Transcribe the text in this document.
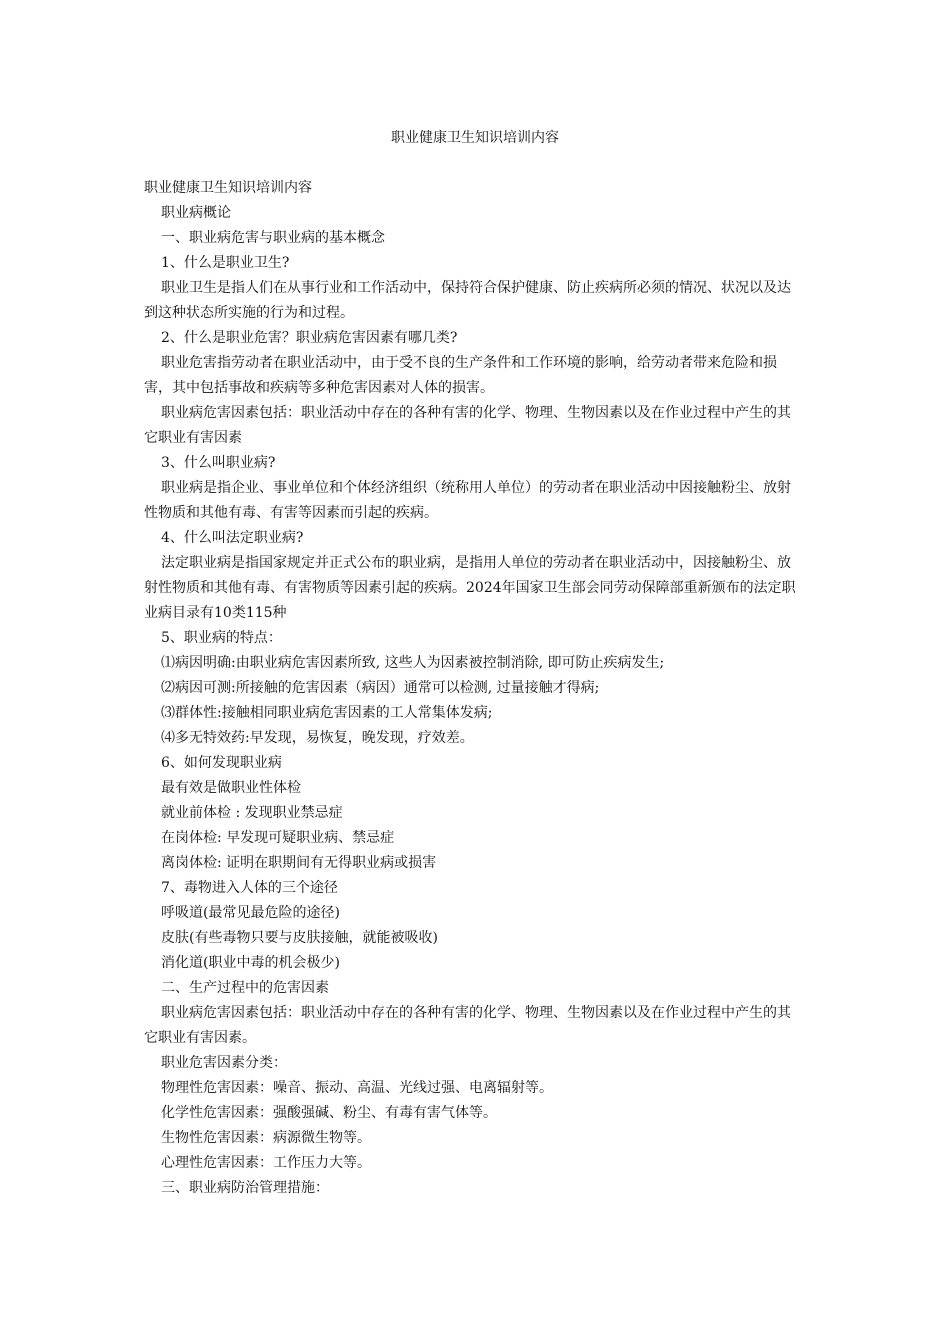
职业健康卫生知识培训内容

职业健康卫生知识培训内容

职业病概论

一、职业病危害与职业病的基本概念

1、什么是职业卫生?

职业卫生是指人们在从事行业和工作活动中，保持符合保护健康、防止疾病所必须的情况、状况以及达到这种状态所实施的行为和过程。

2、什么是职业危害？职业病危害因素有哪几类?

职业危害指劳动者在职业活动中，由于受不良的生产条件和工作环境的影响，给劳动者带来危险和损害，其中包括事故和疾病等多种危害因素对人体的损害。

职业病危害因素包括：职业活动中存在的各种有害的化学、物理、生物因素以及在作业过程中产生的其它职业有害因素

3、什么叫职业病?

职业病是指企业、事业单位和个体经济组织（统称用人单位）的劳动者在职业活动中因接触粉尘、放射性物质和其他有毒、有害等因素而引起的疾病。

4、什么叫法定职业病?

法定职业病是指国家规定并正式公布的职业病，是指用人单位的劳动者在职业活动中，因接触粉尘、放射性物质和其他有毒、有害物质等因素引起的疾病。2024年国家卫生部会同劳动保障部重新颁布的法定职业病目录有10类115种

5、职业病的特点：

⑴病因明确:由职业病危害因素所致, 这些人为因素被控制消除, 即可防止疾病发生;

⑵病因可测:所接触的危害因素（病因）通常可以检测, 过量接触才得病;

⑶群体性:接触相同职业病危害因素的工人常集体发病;

⑷多无特效药:早发现，易恢复，晚发现，疗效差。

6、如何发现职业病

最有效是做职业性体检

就业前体检 : 发现职业禁忌症

在岗体检: 早发现可疑职业病、禁忌症

离岗体检: 证明在职期间有无得职业病或损害

7、毒物进入人体的三个途径

呼吸道(最常见最危险的途径)

皮肤(有些毒物只要与皮肤接触，就能被吸收)

消化道(职业中毒的机会极少)

二、生产过程中的危害因素

职业病危害因素包括：职业活动中存在的各种有害的化学、物理、生物因素以及在作业过程中产生的其它职业有害因素。

职业危害因素分类：

物理性危害因素：噪音、振动、高温、光线过强、电离辐射等。

化学性危害因素：强酸强碱、粉尘、有毒有害气体等。

生物性危害因素：病源微生物等。

心理性危害因素：工作压力大等。

三、职业病防治管理措施：
